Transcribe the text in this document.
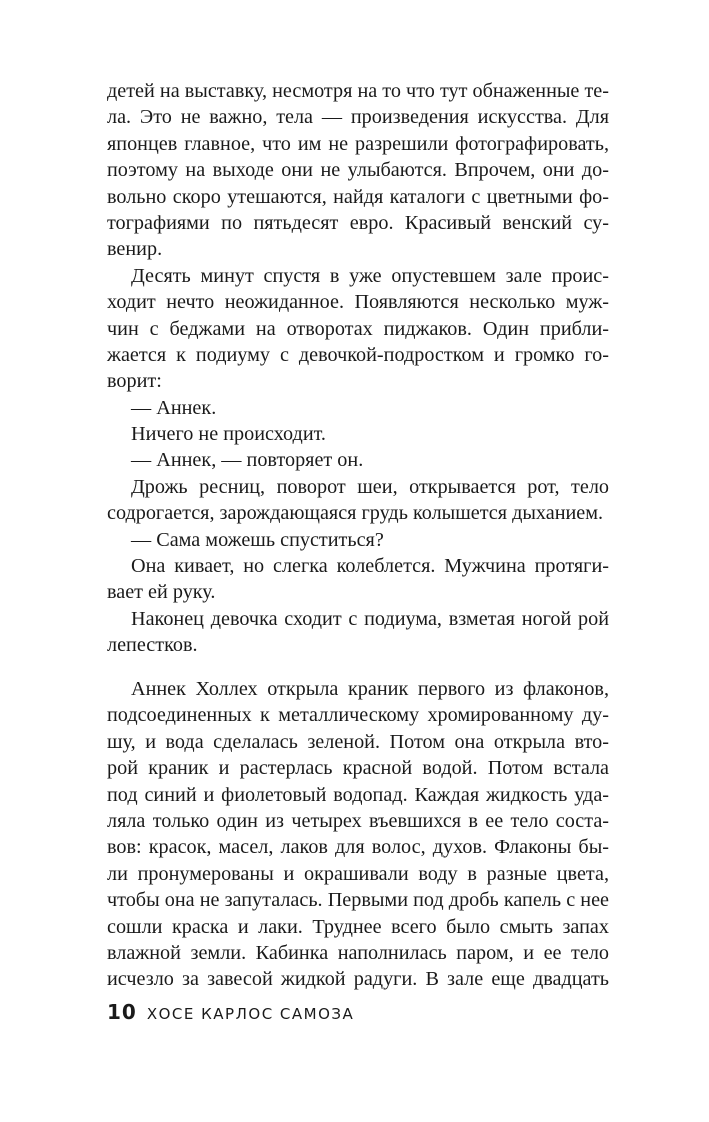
детей на выставку, несмотря на то что тут обнаженные те-
ла. Это не важно, тела — произведения искусства. Для
японцев главное, что им не разрешили фотографировать,
поэтому на выходе они не улыбаются. Впрочем, они до-
вольно скоро утешаются, найдя каталоги с цветными фо-
тографиями по пятьдесят евро. Красивый венский су-
венир.
Десять минут спустя в уже опустевшем зале проис-
ходит нечто неожиданное. Появляются несколько муж-
чин с беджами на отворотах пиджаков. Один прибли-
жается к подиуму с девочкой-подростком и громко го-
ворит:
— Аннек.
Ничего не происходит.
— Аннек, — повторяет он.
Дрожь ресниц, поворот шеи, открывается рот, тело
содрогается, зарождающаяся грудь колышется дыханием.
— Сама можешь спуститься?
Она кивает, но слегка колеблется. Мужчина протяги-
вает ей руку.
Наконец девочка сходит с подиума, взметая ногой рой
лепестков.
Аннек Холлех открыла краник первого из флаконов,
подсоединенных к металлическому хромированному ду-
шу, и вода сделалась зеленой. Потом она открыла вто-
рой краник и растерлась красной водой. Потом встала
под синий и фиолетовый водопад. Каждая жидкость уда-
ляла только один из четырех въевшихся в ее тело соста-
вов: красок, масел, лаков для волос, духов. Флаконы бы-
ли пронумерованы и окрашивали воду в разные цвета,
чтобы она не запуталась. Первыми под дробь капель с нее
сошли краска и лаки. Труднее всего было смыть запах
влажной земли. Кабинка наполнилась паром, и ее тело
исчезло за завесой жидкой радуги. В зале еще двадцать
10 ХОСЕ КАРЛОС САМОЗА
